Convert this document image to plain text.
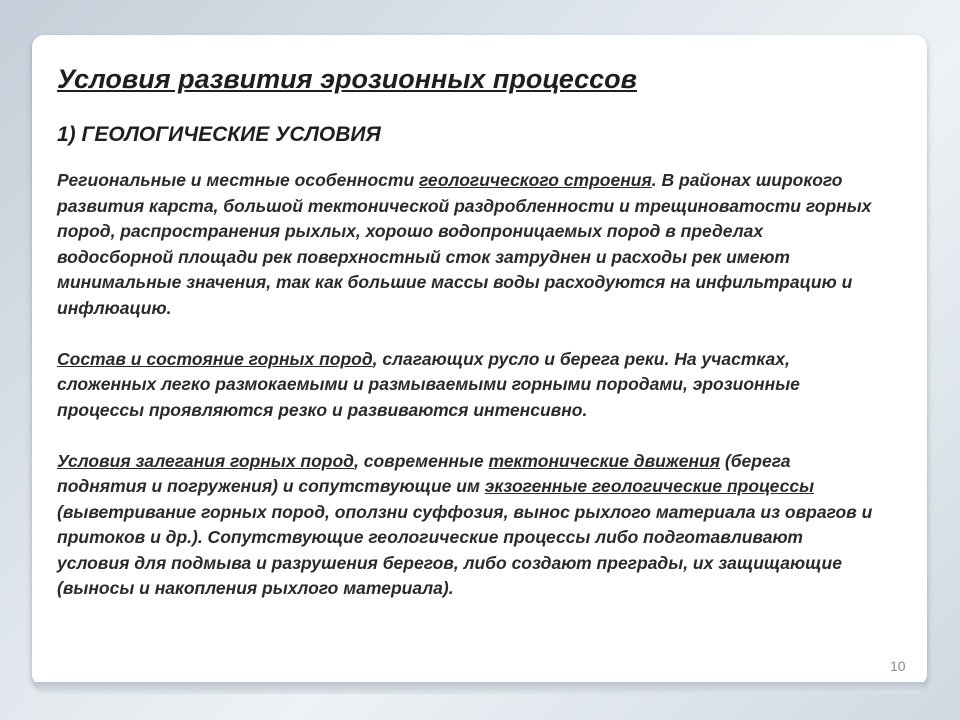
Условия развития эрозионных процессов
1) ГЕОЛОГИЧЕСКИЕ УСЛОВИЯ

Региональные и местные особенности геологического строения. В районах широкого развития карста, большой тектонической раздробленности и трещиноватости горных пород, распространения рыхлых, хорошо водопроницаемых пород в пределах водосборной площади рек поверхностный сток затруднен и расходы рек имеют минимальные значения, так как большие массы воды расходуются на инфильтрацию и инфлюацию.

Состав и состояние горных пород, слагающих русло и берега реки. На участках, сложенных легко размокаемыми и размываемыми горными породами, эрозионные процессы проявляются резко и развиваются интенсивно.

Условия залегания горных пород, современные тектонические движения (берега поднятия и погружения) и сопутствующие им экзогенные геологические процессы (выветривание горных пород, оползни суффозия, вынос рыхлого материала из оврагов и притоков и др.). Сопутствующие геологические процессы либо подготавливают условия для подмыва и разрушения берегов, либо создают преграды, их защищающие (выносы и накопления рыхлого материала).

10
